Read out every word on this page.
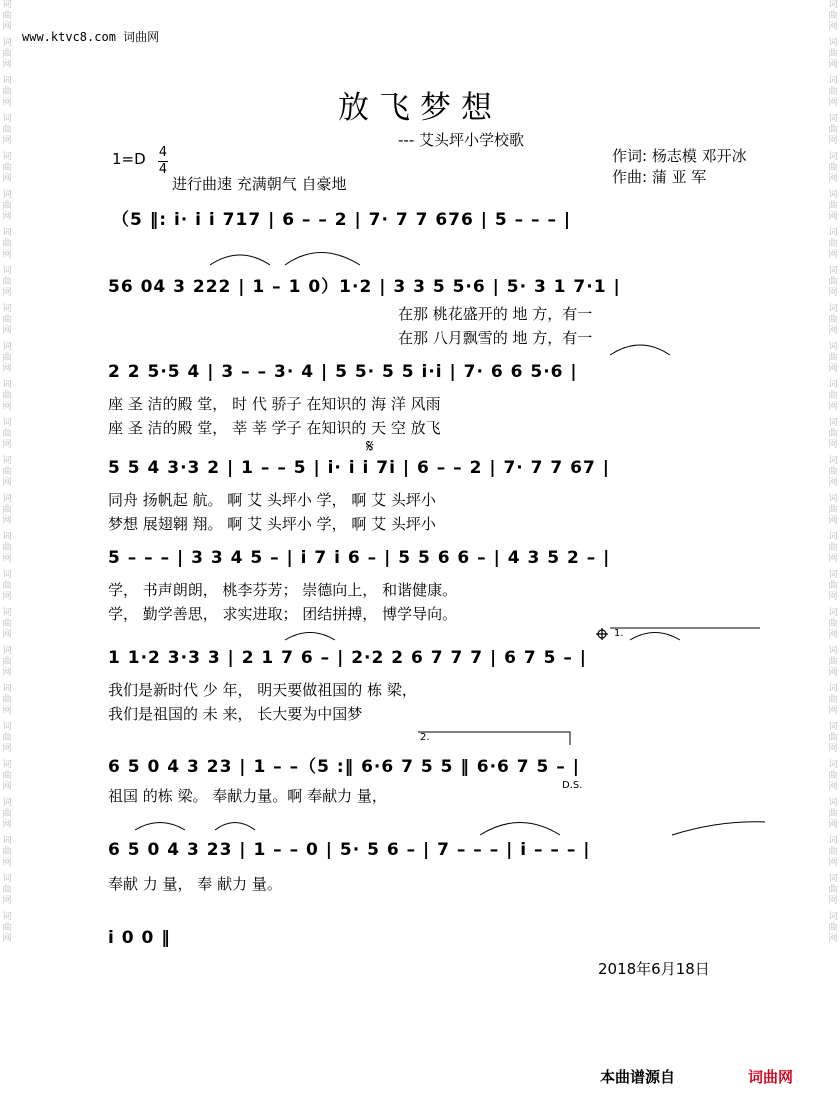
词曲网
词曲网
词曲网
词曲网
词曲网
词曲网
词曲网
词曲网
词曲网
词曲网
词曲网
词曲网
词曲网
词曲网
词曲网
词曲网
词曲网
词曲网
词曲网
词曲网
词曲网
词曲网
词曲网
词曲网
词曲网
词曲网
词曲网
词曲网
词曲网
词曲网
词曲网
词曲网
词曲网
词曲网
词曲网
词曲网
词曲网
词曲网
词曲网
词曲网
词曲网
词曲网
词曲网
词曲网
词曲网
词曲网
词曲网
词曲网
词曲网
词曲网
www.ktvc8.com 词曲网
放飞梦想
--- 艾头坪小学校歌
1=D 4
4
进行曲速 充满朝气 自豪地
作词: 杨志模 邓开冰
作曲: 蒲 亚 军
（5 ‖: i· i i 717 | 6 – – 2 | 7· 7 7 676 | 5 – – – |
56 04 3 222 | 1 – 1 0）1·2 | 3 3 5 5·6 | 5· 3 1 7·1 |
在那 桃花盛开的 地 方，有一
在那 八月飘雪的 地 方，有一
2 2 5·5 4 | 3 – – 3· 4 | 5 5· 5 5 i·i | 7· 6 6 5·6 |
座 圣 洁的殿 堂， 时 代 骄子 在知识的 海 洋 风雨
座 圣 洁的殿 堂， 莘 莘 学子 在知识的 天 空 放飞
5 5 4 3·3 2 | 1 – – 5 | i· i i 7i | 6 – – 2 | 7· 7 7 67 |
同舟 扬帆起 航。 啊 艾 头坪小 学， 啊 艾 头坪小
梦想 展翅翱 翔。 啊 艾 头坪小 学， 啊 艾 头坪小
5 – – – | 3 3 4 5 – | i 7 i 6 – | 5 5 6 6 – | 4 3 5 2 – |
学， 书声朗朗， 桃李芬芳； 崇德向上， 和谐健康。
学， 勤学善思， 求实进取； 团结拼搏， 博学导向。
1 1·2 3·3 3 | 2 1 7 6 – | 2·2 2 6 7 7 7 | 6 7 5 – |
我们是新时代 少 年， 明天要做祖国的 栋 梁，
我们是祖国的 未 来， 长大要为中国梦
6 5 0 4 3 23 | 1 – –（5 :‖ 6·6 7 5 5 ‖ 6·6 7 5 – |
祖国 的栋 梁。 奉献力量。啊 奉献力 量，
6 5 0 4 3 23 | 1 – – 0 | 5· 5 6 – | 7 – – – | i – – – |
奉献 力 量， 奉 献力 量。
i 0 0 ‖
1.
2.
D.S.
𝄋
2018年6月18日
本曲谱源自	词曲网
